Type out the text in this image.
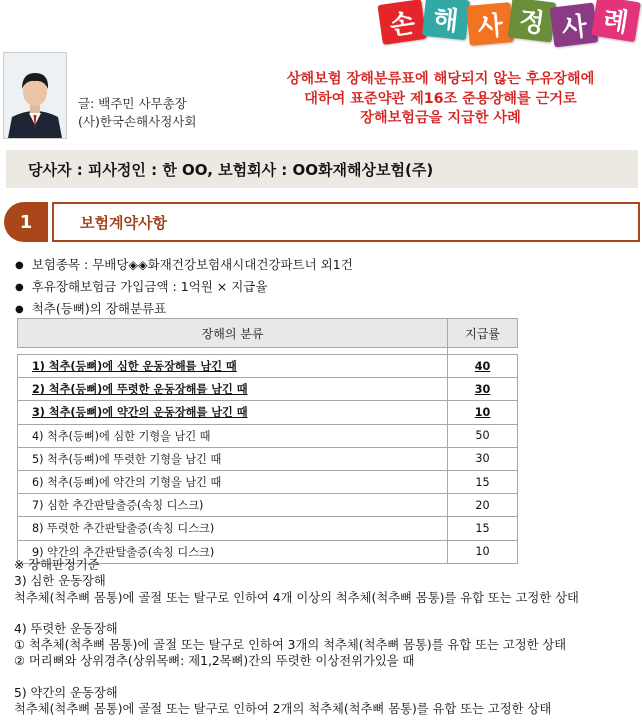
손 해 사 정 사 례
글: 백주민 사무총장
(사)한국손해사정사회
상해보험 장해분류표에 해당되지 않는 후유장해에
대하여 표준약관 제16조 준용장해를 근거로
장해보험금을 지급한 사례
당사자 : 피사정인 : 한 OO, 보험회사 : OO화재해상보험(주)
1	보험계약사항
● 보험종목 : 무배당◈◈화재건강보험새시대건강파트너 외1건
● 후유장해보험금 가입금액 : 1억원 × 지급율
● 척추(등뼈)의 장해분류표
장해의 분류	지급률

1) 척추(등뼈)에 심한 운동장해를 남긴 때	40
2) 척추(등뼈)에 뚜렷한 운동장해를 남긴 때	30
3) 척추(등뼈)에 약간의 운동장해를 남긴 때	10
4) 척추(등뼈)에 심한 기형을 남긴 때	50
5) 척추(등뼈)에 뚜렷한 기형을 남긴 때	30
6) 척추(등뼈)에 약간의 기형을 남긴 때	15
7) 심한 추간판탈출증(속칭 디스크)	20
8) 뚜렷한 추간판탈출증(속칭 디스크)	15
9) 약간의 추간판탈출증(속칭 디스크)	10
※ 장해판정기준
3) 심한 운동장해
척추체(척추뼈 몸통)에 골절 또는 탈구로 인하여 4개 이상의 척추체(척추뼈 몸통)를 유합 또는 고정한 상태
4) 뚜렷한 운동장해
① 척추체(척추뼈 몸통)에 골절 또는 탈구로 인하여 3개의 척추체(척추뼈 몸통)를 유합 또는 고정한 상태
② 머리뼈와 상위경추(상위목뼈: 제1,2목뼈)간의 뚜렷한 이상전위가있을 때
5) 약간의 운동장해
척추체(척추뼈 몸통)에 골절 또는 탈구로 인하여 2개의 척추체(척추뼈 몸통)를 유합 또는 고정한 상태
